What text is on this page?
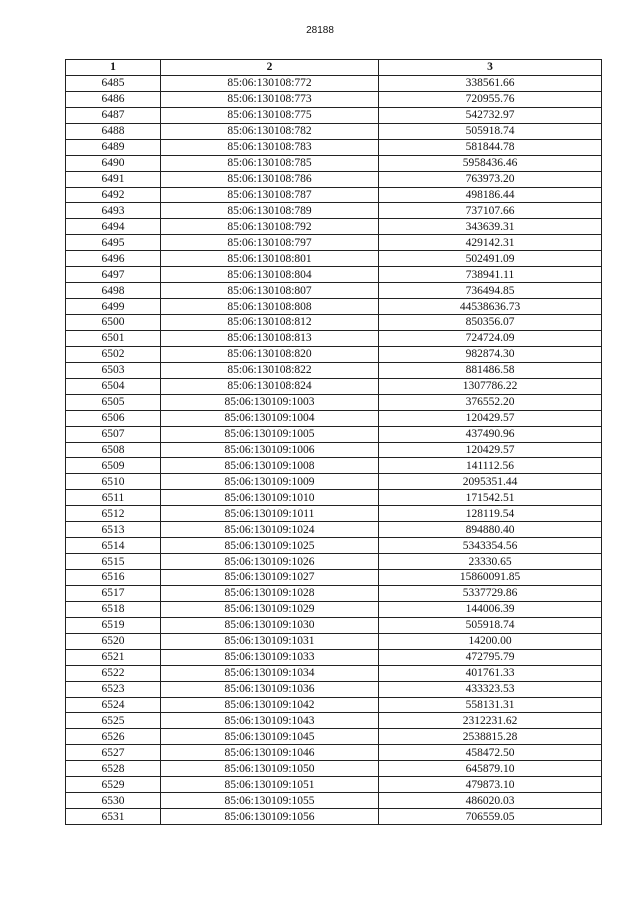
28188
1	2	3
6485	85:06:130108:772	338561.66
6486	85:06:130108:773	720955.76
6487	85:06:130108:775	542732.97
6488	85:06:130108:782	505918.74
6489	85:06:130108:783	581844.78
6490	85:06:130108:785	5958436.46
6491	85:06:130108:786	763973.20
6492	85:06:130108:787	498186.44
6493	85:06:130108:789	737107.66
6494	85:06:130108:792	343639.31
6495	85:06:130108:797	429142.31
6496	85:06:130108:801	502491.09
6497	85:06:130108:804	738941.11
6498	85:06:130108:807	736494.85
6499	85:06:130108:808	44538636.73
6500	85:06:130108:812	850356.07
6501	85:06:130108:813	724724.09
6502	85:06:130108:820	982874.30
6503	85:06:130108:822	881486.58
6504	85:06:130108:824	1307786.22
6505	85:06:130109:1003	376552.20
6506	85:06:130109:1004	120429.57
6507	85:06:130109:1005	437490.96
6508	85:06:130109:1006	120429.57
6509	85:06:130109:1008	141112.56
6510	85:06:130109:1009	2095351.44
6511	85:06:130109:1010	171542.51
6512	85:06:130109:1011	128119.54
6513	85:06:130109:1024	894880.40
6514	85:06:130109:1025	5343354.56
6515	85:06:130109:1026	23330.65
6516	85:06:130109:1027	15860091.85
6517	85:06:130109:1028	5337729.86
6518	85:06:130109:1029	144006.39
6519	85:06:130109:1030	505918.74
6520	85:06:130109:1031	14200.00
6521	85:06:130109:1033	472795.79
6522	85:06:130109:1034	401761.33
6523	85:06:130109:1036	433323.53
6524	85:06:130109:1042	558131.31
6525	85:06:130109:1043	2312231.62
6526	85:06:130109:1045	2538815.28
6527	85:06:130109:1046	458472.50
6528	85:06:130109:1050	645879.10
6529	85:06:130109:1051	479873.10
6530	85:06:130109:1055	486020.03
6531	85:06:130109:1056	706559.05
